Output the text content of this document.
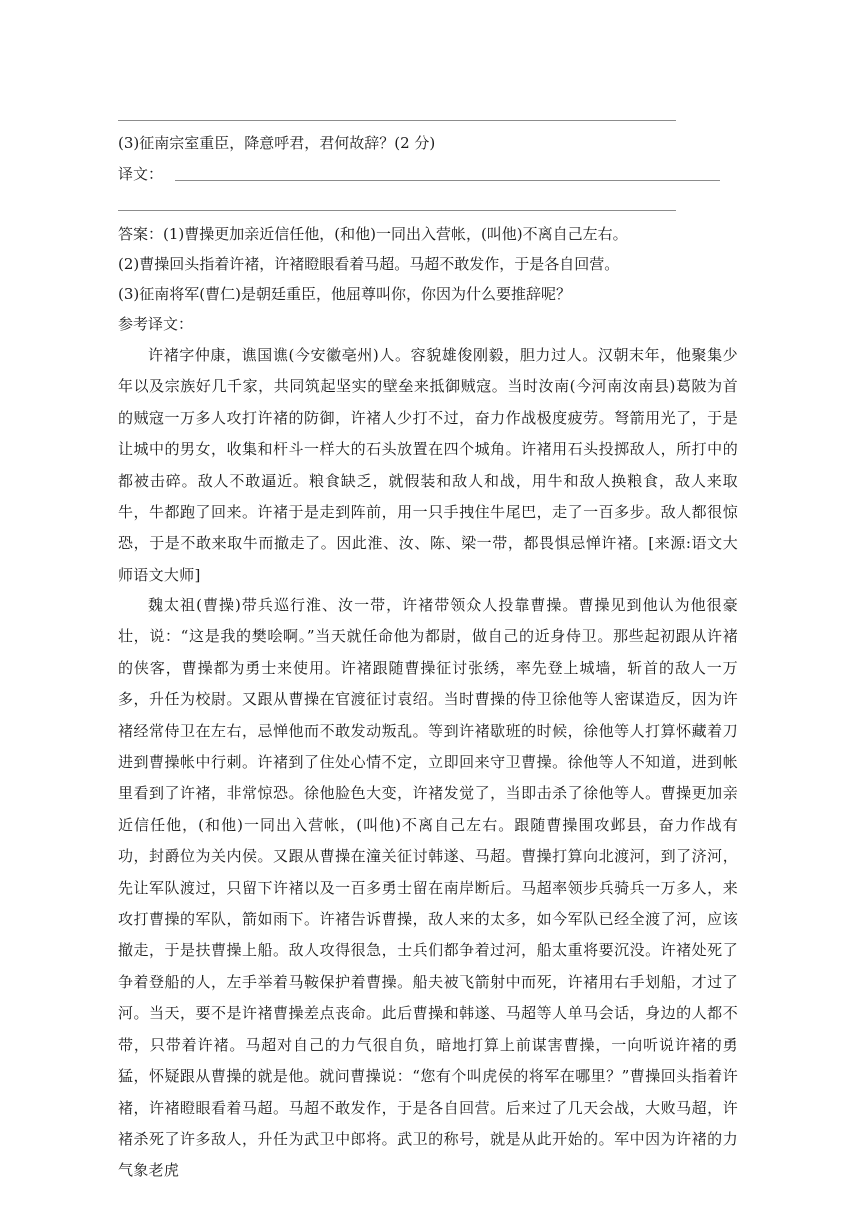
(3)征南宗室重臣，降意呼君，君何故辞？(2 分)
译文：
答案：(1)曹操更加亲近信任他，(和他)一同出入营帐，(叫他)不离自己左右。
(2)曹操回头指着许褚，许褚瞪眼看着马超。马超不敢发作，于是各自回营。
(3)征南将军(曹仁)是朝廷重臣，他屈尊叫你，你因为什么要推辞呢？
参考译文：
许褚字仲康，谯国谯(今安徽亳州)人。容貌雄俊刚毅，胆力过人。汉朝末年，他聚集少年以及宗族好几千家，共同筑起坚实的壁垒来抵御贼寇。当时汝南(今河南汝南县)葛陂为首的贼寇一万多人攻打许褚的防御，许褚人少打不过，奋力作战极度疲劳。弩箭用光了，于是让城中的男女，收集和杆斗一样大的石头放置在四个城角。许褚用石头投掷敌人，所打中的都被击碎。敌人不敢逼近。粮食缺乏，就假装和敌人和战，用牛和敌人换粮食，敌人来取牛，牛都跑了回来。许褚于是走到阵前，用一只手拽住牛尾巴，走了一百多步。敌人都很惊恐，于是不敢来取牛而撤走了。因此淮、汝、陈、梁一带，都畏惧忌惮许褚。[来源:语文大师语文大师]
魏太祖(曹操)带兵巡行淮、汝一带，许褚带领众人投靠曹操。曹操见到他认为他很豪壮，说：“这是我的樊哙啊。”当天就任命他为都尉，做自己的近身侍卫。那些起初跟从许褚的侠客，曹操都为勇士来使用。许褚跟随曹操征讨张绣，率先登上城墙，斩首的敌人一万多，升任为校尉。又跟从曹操在官渡征讨袁绍。当时曹操的侍卫徐他等人密谋造反，因为许褚经常侍卫在左右，忌惮他而不敢发动叛乱。等到许褚歇班的时候，徐他等人打算怀藏着刀进到曹操帐中行刺。许褚到了住处心情不定，立即回来守卫曹操。徐他等人不知道，进到帐里看到了许褚，非常惊恐。徐他脸色大变，许褚发觉了，当即击杀了徐他等人。曹操更加亲近信任他，(和他)一同出入营帐，(叫他)不离自己左右。跟随曹操围攻邺县，奋力作战有功，封爵位为关内侯。又跟从曹操在潼关征讨韩遂、马超。曹操打算向北渡河，到了济河，先让军队渡过，只留下许褚以及一百多勇士留在南岸断后。马超率领步兵骑兵一万多人，来攻打曹操的军队，箭如雨下。许褚告诉曹操，敌人来的太多，如今军队已经全渡了河，应该撤走，于是扶曹操上船。敌人攻得很急，士兵们都争着过河，船太重将要沉没。许褚处死了争着登船的人，左手举着马鞍保护着曹操。船夫被飞箭射中而死，许褚用右手划船，才过了河。当天，要不是许褚曹操差点丧命。此后曹操和韩遂、马超等人单马会话，身边的人都不带，只带着许褚。马超对自己的力气很自负，暗地打算上前谋害曹操，一向听说许褚的勇猛，怀疑跟从曹操的就是他。就问曹操说：“您有个叫虎侯的将军在哪里？”曹操回头指着许褚，许褚瞪眼看着马超。马超不敢发作，于是各自回营。后来过了几天会战，大败马超，许褚杀死了许多敌人，升任为武卫中郎将。武卫的称号，就是从此开始的。军中因为许褚的力气象老虎
